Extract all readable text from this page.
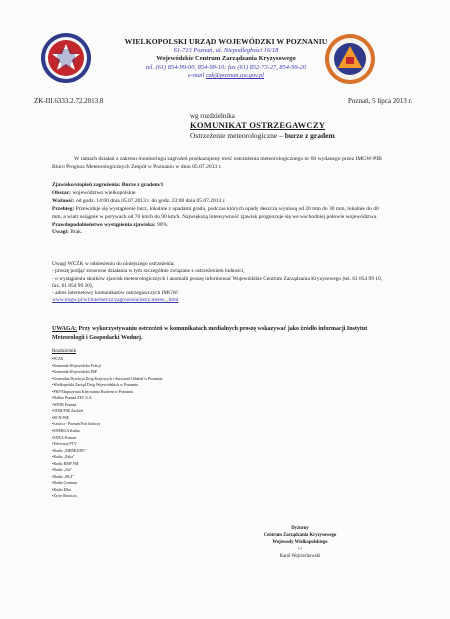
WIELKOPOLSKI URZĄD WOJEWÓDZKI W POZNANIU
61-713 Poznań, ul. Niepodległości 16/18
Wojewódzkie Centrum Zarządzania Kryzysowego
tel. (61) 854-99-00, 854-99-10; fax (61) 852-73-27, 854-99-20
e-mail czk@poznan.uw.gov.pl
ZK-III.6333.2.72.2013.8	Poznań, 5 lipca 2013 r.
wg rozdzielnika
KOMUNIKAT OSTRZEGAWCZY
Ostrzeżenie meteorologiczne – burze z gradem
W ramach działań z zakresu monitoringu zagrożeń przekazujemy treść ostrzeżenia meteorologicznego nr 60 wydanego przez IMGW-PIB Biuro Prognoz Meteorologicznych Zespół w Poznaniu w dniu 05.07.2013 r.
Zjawisko/stopień zagrożenia: Burze z gradem/1
Obszar: województwo wielkopolskie
Ważność: od godz. 14:00 dnia 05.07.2013 r. do godz. 23:00 dnia 05.07.2013 r.
Przebieg: Przewiduje się wystąpienie burz, lokalnie z opadami gradu, podczas których opady deszczu wyniosą od 20 mm do 30 mm, lokalnie do 40 mm, a wiatr osiągnie w porywach od 70 km/h do 90 km/h. Największą intensywność zjawisk prognozuje się we wschodniej połowie województwa.
Prawdopodobieństwo wystąpienia zjawiska: 90%.
Uwagi: Brak.
Uwagi WCZK w odniesieniu do niniejszego ostrzeżenia:
- proszę podjąć stosowne działania w tym szczególnie związane z ostrzeżeniem ludności,
- o wystąpieniu skutków zjawisk meteorologicznych i anomalii proszę informować Wojewódzkie Centrum Zarządzania Kryzysowego (tel. 61 854 99 10, fax. 61 854 99 20),
- adres internetowy komunikatów ostrzegawczych IMGW:
www.imgw.pl/wl/internet/zz/zagrozenia/ostrz.meteo_.html
UWAGA: Przy wykorzystywaniu ostrzeżeń w komunikatach medialnych proszę wskazywać jako źródło informacji Instytut Meteorologii i Gospodarki Wodnej.
Rozdzielnik
•PCZK
•Komenda Wojewódzka Policji
•Komenda Wojewódzka PSP
•Generalna Dyrekcja Dróg Krajowych i Autostrad Oddział w Poznaniu
•Wielkopolski Zarząd Dróg Wojewódzkich w Poznaniu
•PKP Ekspozytura Kierowania Ruchem w Poznaniu
•Dalkia Poznań ZEC S.A.
•WINB Poznań
•ODM PSE Zachód
•RCN PSE
•Ławica - Poznań Port lotniczy
•ENERGA Kalisz
•ENEA Poznań
•Telewizja PTV
•Radio „MERKURY"
•Radio „Eska"
•Radio RMF FM
•Radio „Zet"
•Radio „88,4"
•Radio Centrum
•Radio Elka
•Życie Rawicza
Dyżurny
Centrum Zarządzania Kryzysowego
Wojewody Wielkopolskiego
/-/
Karol Wojciechowski
